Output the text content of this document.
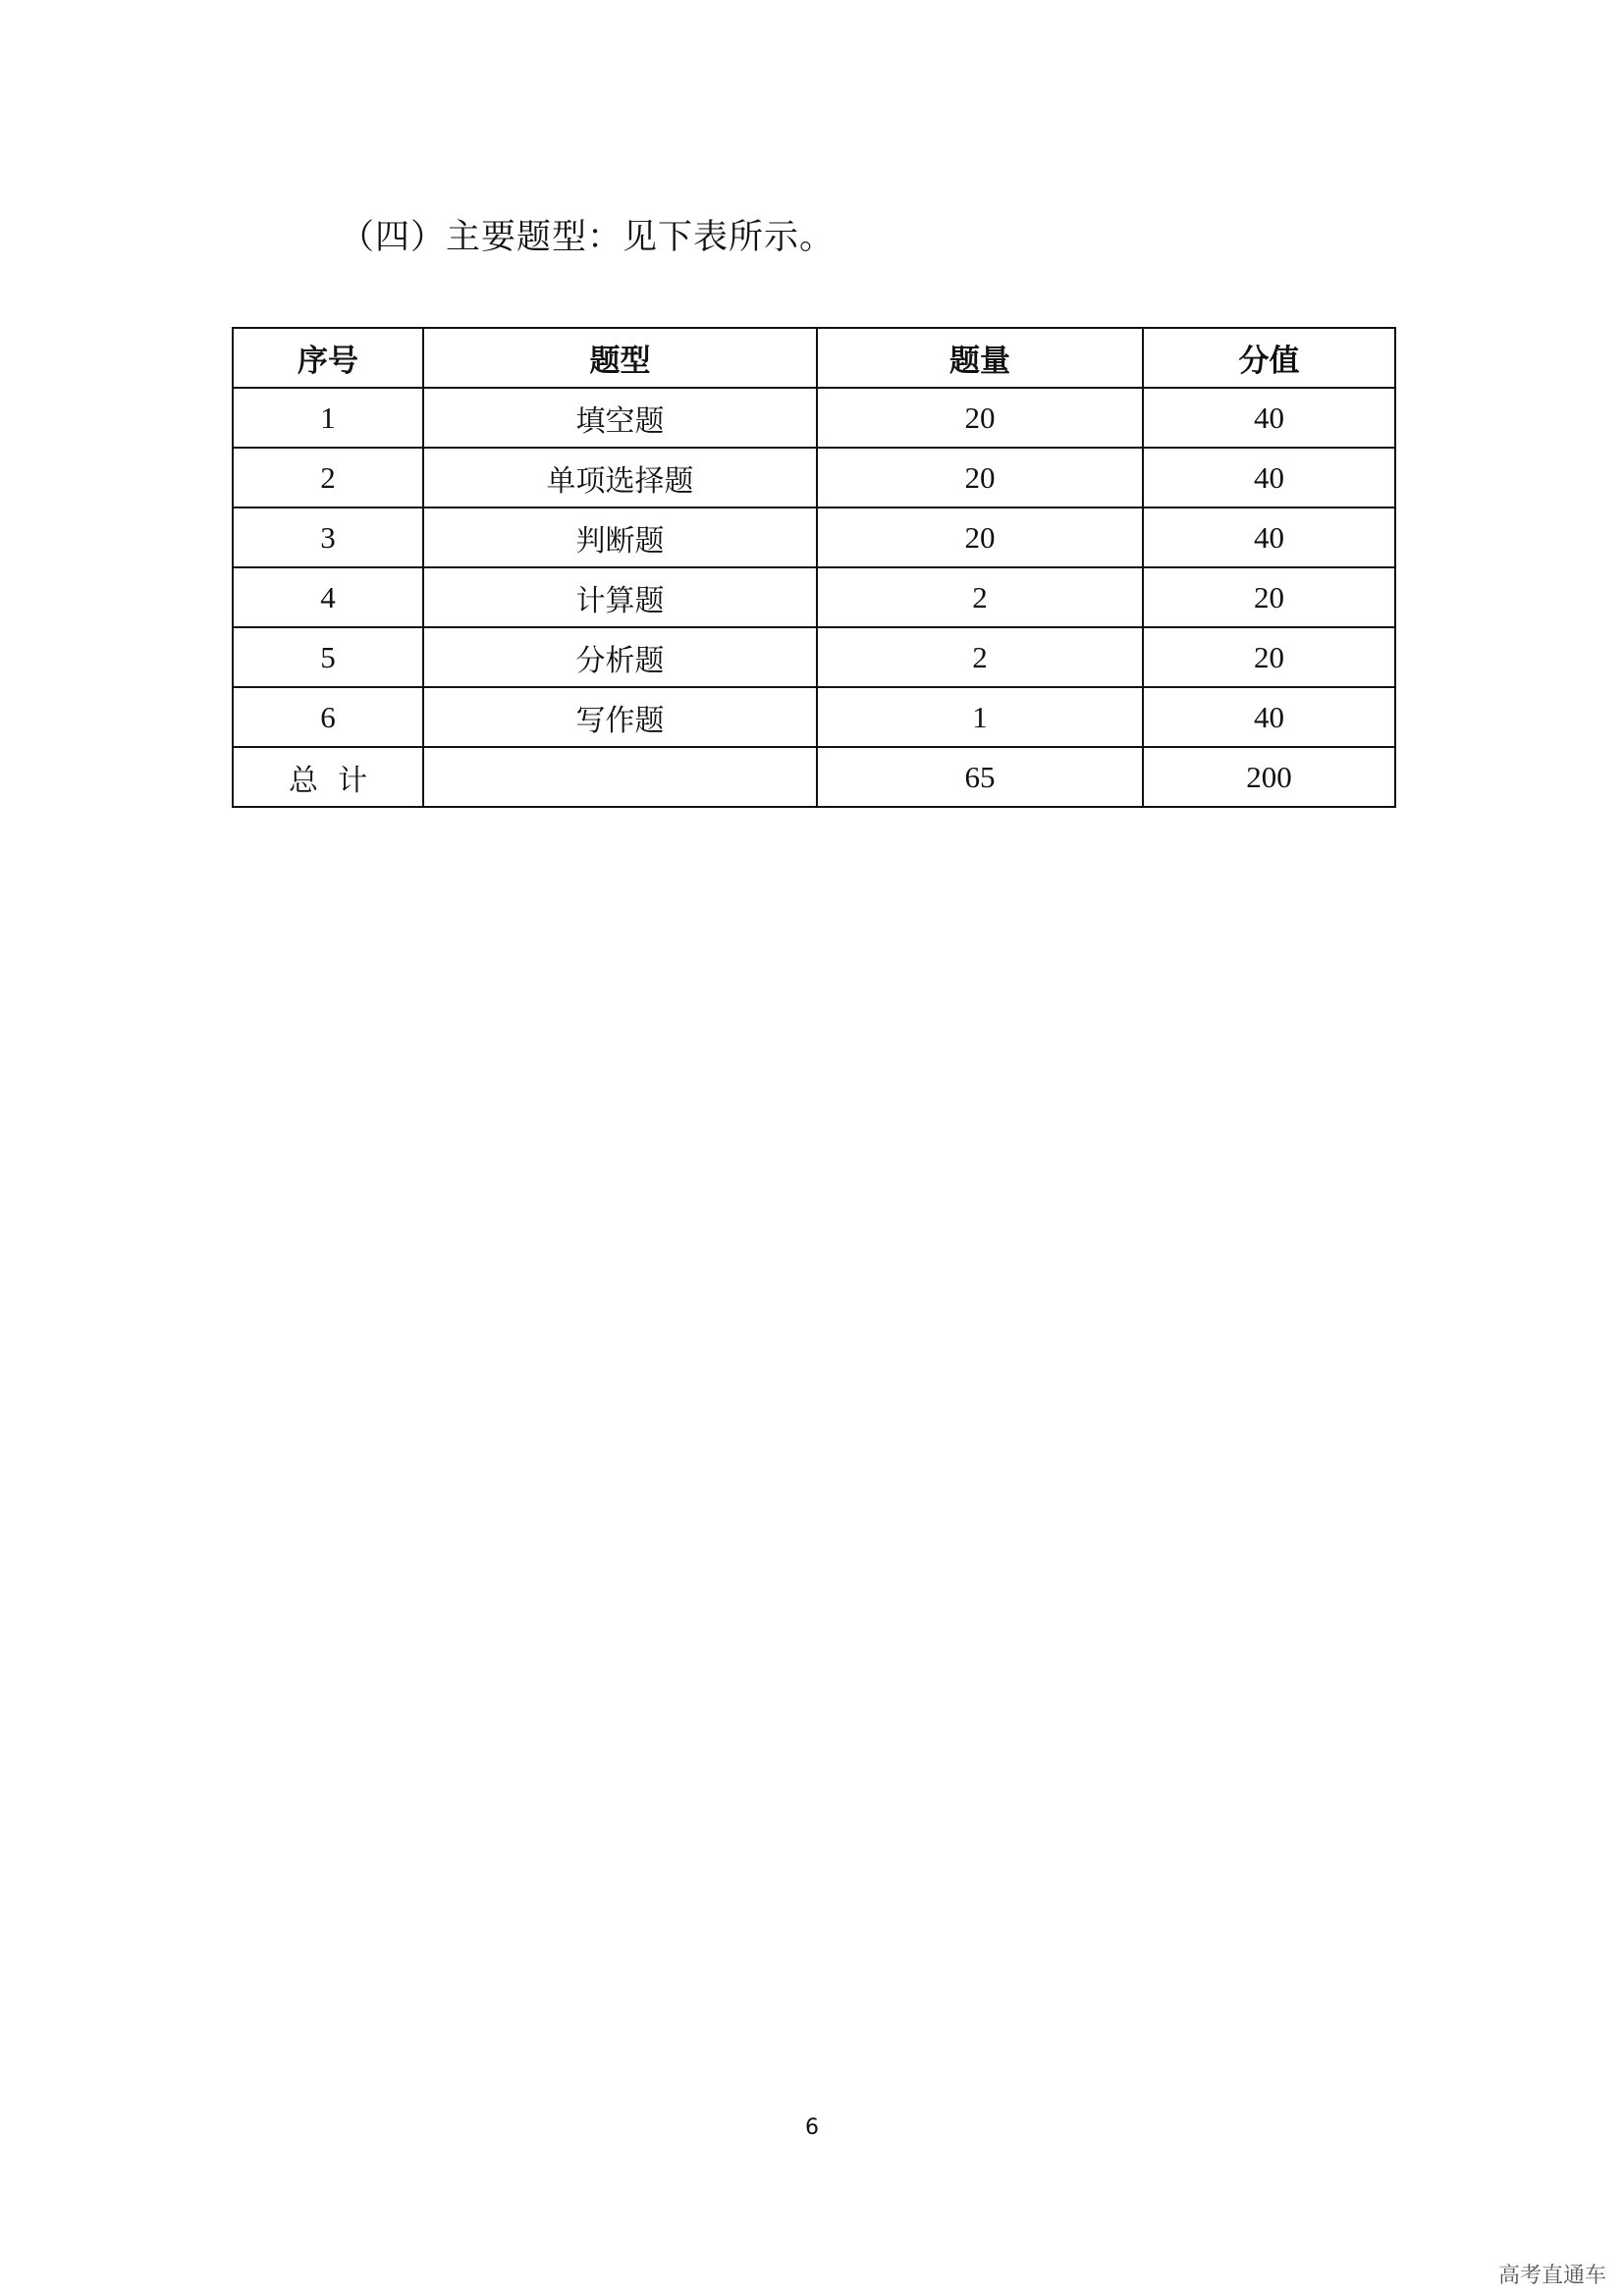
（四）主要题型：见下表所示。
序号	题型	题量	分值
1	填空题	20	40
2	单项选择题	20	40
3	判断题	20	40
4	计算题	2	20
5	分析题	2	20
6	写作题	1	40
总计		65	200
6
高考直通车
